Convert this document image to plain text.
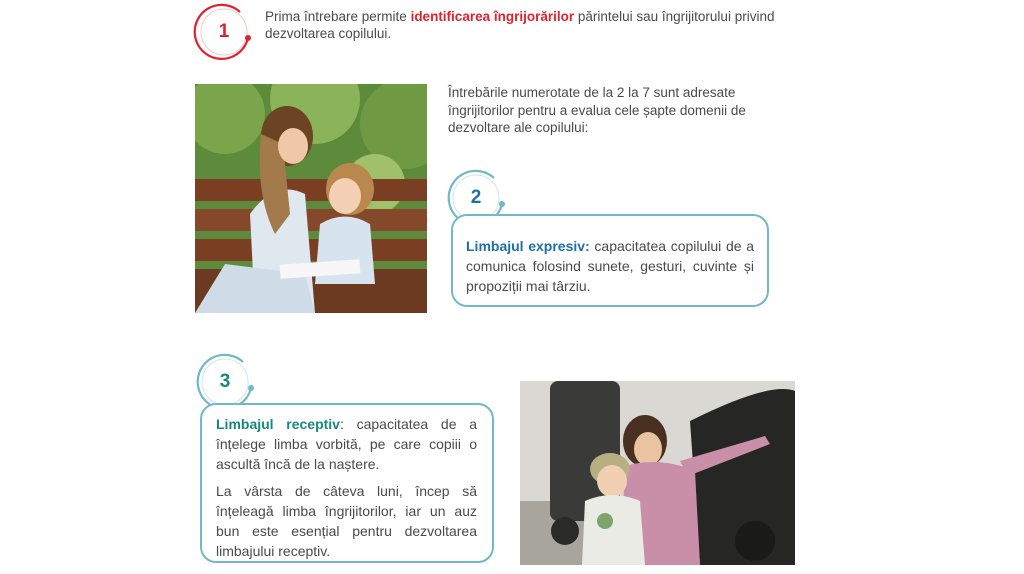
1
Prima întrebare permite identificarea îngrijorărilor părintelui sau îngrijitorului privind dezvoltarea copilului.
Întrebările numerotate de la 2 la 7 sunt adresate îngrijitorilor pentru a evalua cele șapte domenii de dezvoltare ale copilului:
2

Limbajul expresiv: capacitatea copilului de a comunica folosind sunete, gesturi, cuvinte și propoziții mai târziu.

3

Limbajul receptiv: capacitatea de a înțelege limba vorbită, pe care copiii o ascultă încă de la naștere.

La vârsta de câteva luni, încep să înțeleagă limba îngrijitorilor, iar un auz bun este esențial pentru dezvoltarea limbajului receptiv.
